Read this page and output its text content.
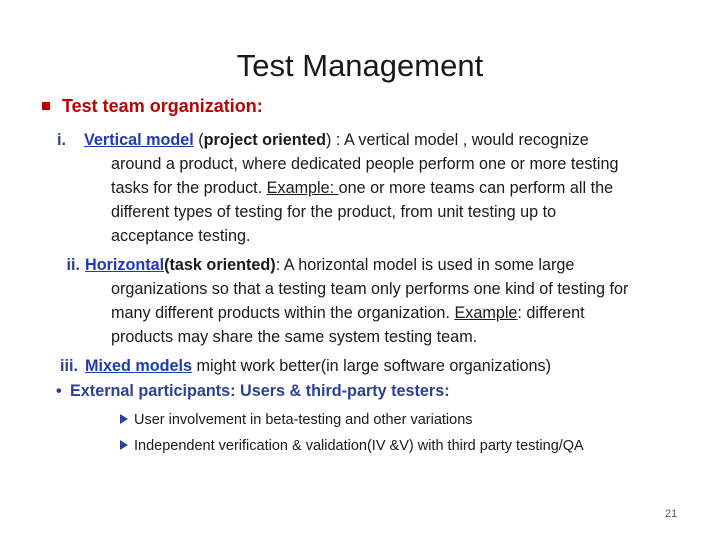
Test Management
Test team organization:
i. Vertical model (project oriented) : A vertical model , would recognize
around a product, where dedicated people perform one or more testing
tasks for the product. Example: one or more teams can perform all the
different types of testing for the product, from unit testing up to
acceptance testing.
ii. Horizontal(task oriented): A horizontal model is used in some large
organizations so that a testing team only performs one kind of testing for
many different products within the organization. Example: different
products may share the same system testing team.
iii. Mixed models might work better(in large software organizations)
• External participants: Users & third-party testers:
User involvement in beta-testing and other variations
Independent verification & validation(IV &V) with third party testing/QA
21
